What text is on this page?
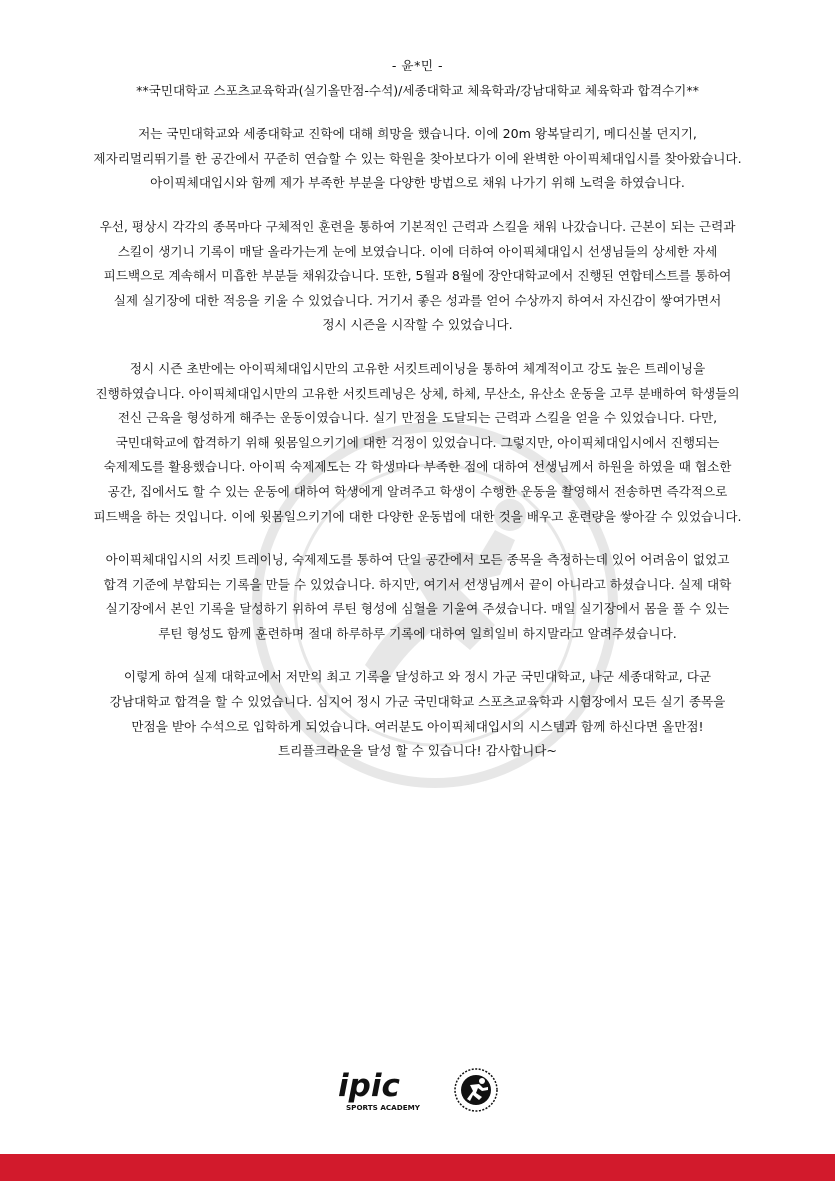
- 윤*민 -

**국민대학교 스포츠교육학과(실기올만점-수석)/세종대학교 체육학과/강남대학교 체육학과 합격수기**

저는 국민대학교와 세종대학교 진학에 대해 희망을 했습니다. 이에 20m 왕복달리기, 메디신볼 던지기,

제자리멀리뛰기를 한 공간에서 꾸준히 연습할 수 있는 학원을 찾아보다가 이에 완벽한 아이픽체대입시를 찾아왔습니다.

아이픽체대입시와 함께 제가 부족한 부분을 다양한 방법으로 채워 나가기 위해 노력을 하였습니다.

우선, 평상시 각각의 종목마다 구체적인 훈련을 통하여 기본적인 근력과 스킬을 채워 나갔습니다. 근본이 되는 근력과

스킬이 생기니 기록이 매달 올라가는게 눈에 보였습니다. 이에 더하여 아이픽체대입시 선생님들의 상세한 자세

피드백으로 계속해서 미흡한 부분들 채워갔습니다. 또한, 5월과 8월에 장안대학교에서 진행된 연합테스트를 통하여

실제 실기장에 대한 적응을 키울 수 있었습니다. 거기서 좋은 성과를 얻어 수상까지 하여서 자신감이 쌓여가면서

정시 시즌을 시작할 수 있었습니다.

정시 시즌 초반에는 아이픽체대입시만의 고유한 서킷트레이닝을 통하여 체계적이고 강도 높은 트레이닝을

진행하였습니다. 아이픽체대입시만의 고유한 서킷트레닝은 상체, 하체, 무산소, 유산소 운동을 고루 분배하여 학생들의

전신 근육을 형성하게 해주는 운동이였습니다. 실기 만점을 도달되는 근력과 스킬을 얻을 수 있었습니다. 다만,

국민대학교에 합격하기 위해 윗몸일으키기에 대한 걱정이 있었습니다. 그렇지만, 아이픽체대입시에서 진행되는

숙제제도를 활용했습니다. 아이픽 숙제제도는 각 학생마다 부족한 점에 대하여 선생님께서 하원을 하였을 때 협소한

공간, 집에서도 할 수 있는 운동에 대하여 학생에게 알려주고 학생이 수행한 운동을 촬영해서 전송하면 즉각적으로

피드백을 하는 것입니다. 이에 윗몸일으키기에 대한 다양한 운동법에 대한 것을 배우고 훈련량을 쌓아갈 수 있었습니다.

아이픽체대입시의 서킷 트레이닝, 숙제제도를 통하여 단일 공간에서 모든 종목을 측정하는데 있어 어려움이 없었고

합격 기준에 부합되는 기록을 만들 수 있었습니다. 하지만, 여기서 선생님께서 끝이 아니라고 하셨습니다. 실제 대학

실기장에서 본인 기록을 달성하기 위하여 루틴 형성에 심혈을 기울여 주셨습니다. 매일 실기장에서 몸을 풀 수 있는

루틴 형성도 함께 훈련하며 절대 하루하루 기록에 대하여 일희일비 하지말라고 알려주셨습니다.

이렇게 하여 실제 대학교에서 저만의 최고 기록을 달성하고 와 정시 가군 국민대학교, 나군 세종대학교, 다군

강남대학교 합격을 할 수 있었습니다. 심지어 정시 가군 국민대학교 스포츠교육학과 시험장에서 모든 실기 종목을

만점을 받아 수석으로 입학하게 되었습니다. 여러분도 아이픽체대입시의 시스템과 함께 하신다면 올만점!

트리플크라운을 달성 할 수 있습니다! 감사합니다~

ipic
SPORTS ACADEMY
